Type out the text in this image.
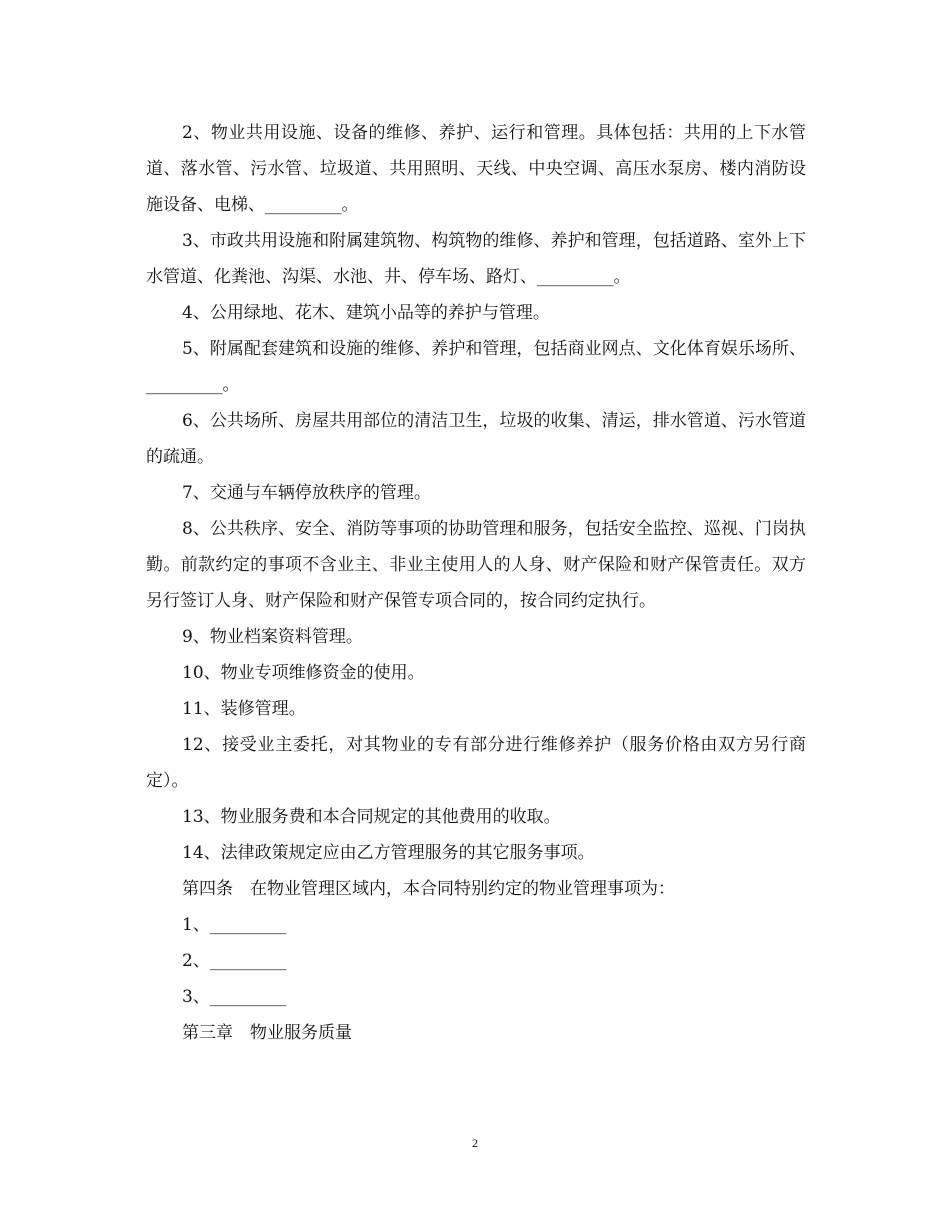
2、物业共用设施、设备的维修、养护、运行和管理。具体包括：共用的上下水管道、落水管、污水管、垃圾道、共用照明、天线、中央空调、高压水泵房、楼内消防设施设备、电梯、_________。

3、市政共用设施和附属建筑物、构筑物的维修、养护和管理，包括道路、室外上下水管道、化粪池、沟渠、水池、井、停车场、路灯、_________。

4、公用绿地、花木、建筑小品等的养护与管理。

5、附属配套建筑和设施的维修、养护和管理，包括商业网点、文化体育娱乐场所、_________。

6、公共场所、房屋共用部位的清洁卫生，垃圾的收集、清运，排水管道、污水管道的疏通。

7、交通与车辆停放秩序的管理。

8、公共秩序、安全、消防等事项的协助管理和服务，包括安全监控、巡视、门岗执勤。前款约定的事项不含业主、非业主使用人的人身、财产保险和财产保管责任。双方另行签订人身、财产保险和财产保管专项合同的，按合同约定执行。

9、物业档案资料管理。

10、物业专项维修资金的使用。

11、装修管理。

12、接受业主委托，对其物业的专有部分进行维修养护（服务价格由双方另行商定）。

13、物业服务费和本合同规定的其他费用的收取。

14、法律政策规定应由乙方管理服务的其它服务事项。

第四条　在物业管理区域内，本合同特别约定的物业管理事项为：

1、_________

2、_________

3、_________

第三章　物业服务质量

2
